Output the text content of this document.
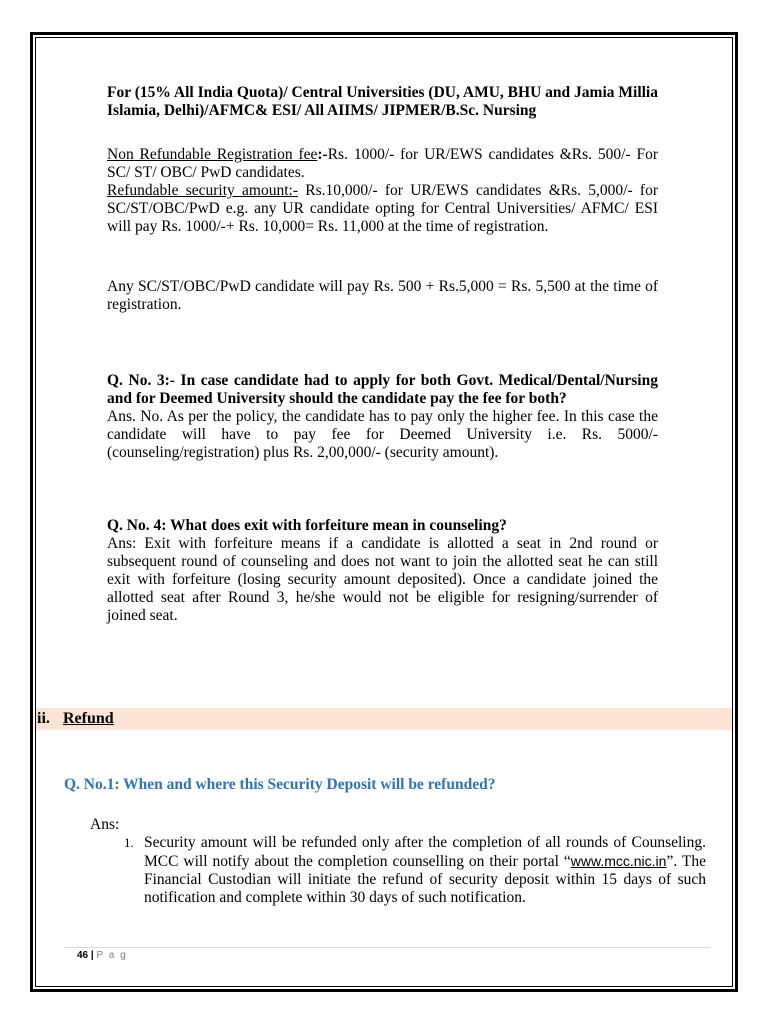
For (15% All India Quota)/ Central Universities (DU, AMU, BHU and Jamia Millia Islamia, Delhi)/AFMC& ESI/ All AIIMS/ JIPMER/B.Sc. Nursing
Non Refundable Registration fee:-Rs. 1000/- for UR/EWS candidates &Rs. 500/- For SC/ ST/ OBC/ PwD candidates.
Refundable security amount:- Rs.10,000/- for UR/EWS candidates &Rs. 5,000/- for SC/ST/OBC/PwD e.g. any UR candidate opting for Central Universities/ AFMC/ ESI will pay Rs. 1000/-+ Rs. 10,000= Rs. 11,000 at the time of registration.
Any SC/ST/OBC/PwD candidate will pay Rs. 500 + Rs.5,000 = Rs. 5,500 at the time of registration.
Q. No. 3:- In case candidate had to apply for both Govt. Medical/Dental/Nursing and for Deemed University should the candidate pay the fee for both?
Ans. No. As per the policy, the candidate has to pay only the higher fee. In this case the candidate will have to pay fee for Deemed University i.e. Rs. 5000/- (counseling/registration) plus Rs. 2,00,000/- (security amount).
Q. No. 4: What does exit with forfeiture mean in counseling?
Ans: Exit with forfeiture means if a candidate is allotted a seat in 2nd round or subsequent round of counseling and does not want to join the allotted seat he can still exit with forfeiture (losing security amount deposited). Once a candidate joined the allotted seat after Round 3, he/she would not be eligible for resigning/surrender of joined seat.
ii. Refund
Q. No.1: When and where this Security Deposit will be refunded?
Ans:
1. Security amount will be refunded only after the completion of all rounds of Counseling. MCC will notify about the completion counselling on their portal “www.mcc.nic.in”. The Financial Custodian will initiate the refund of security deposit within 15 days of such notification and complete within 30 days of such notification.
46 | P a g
